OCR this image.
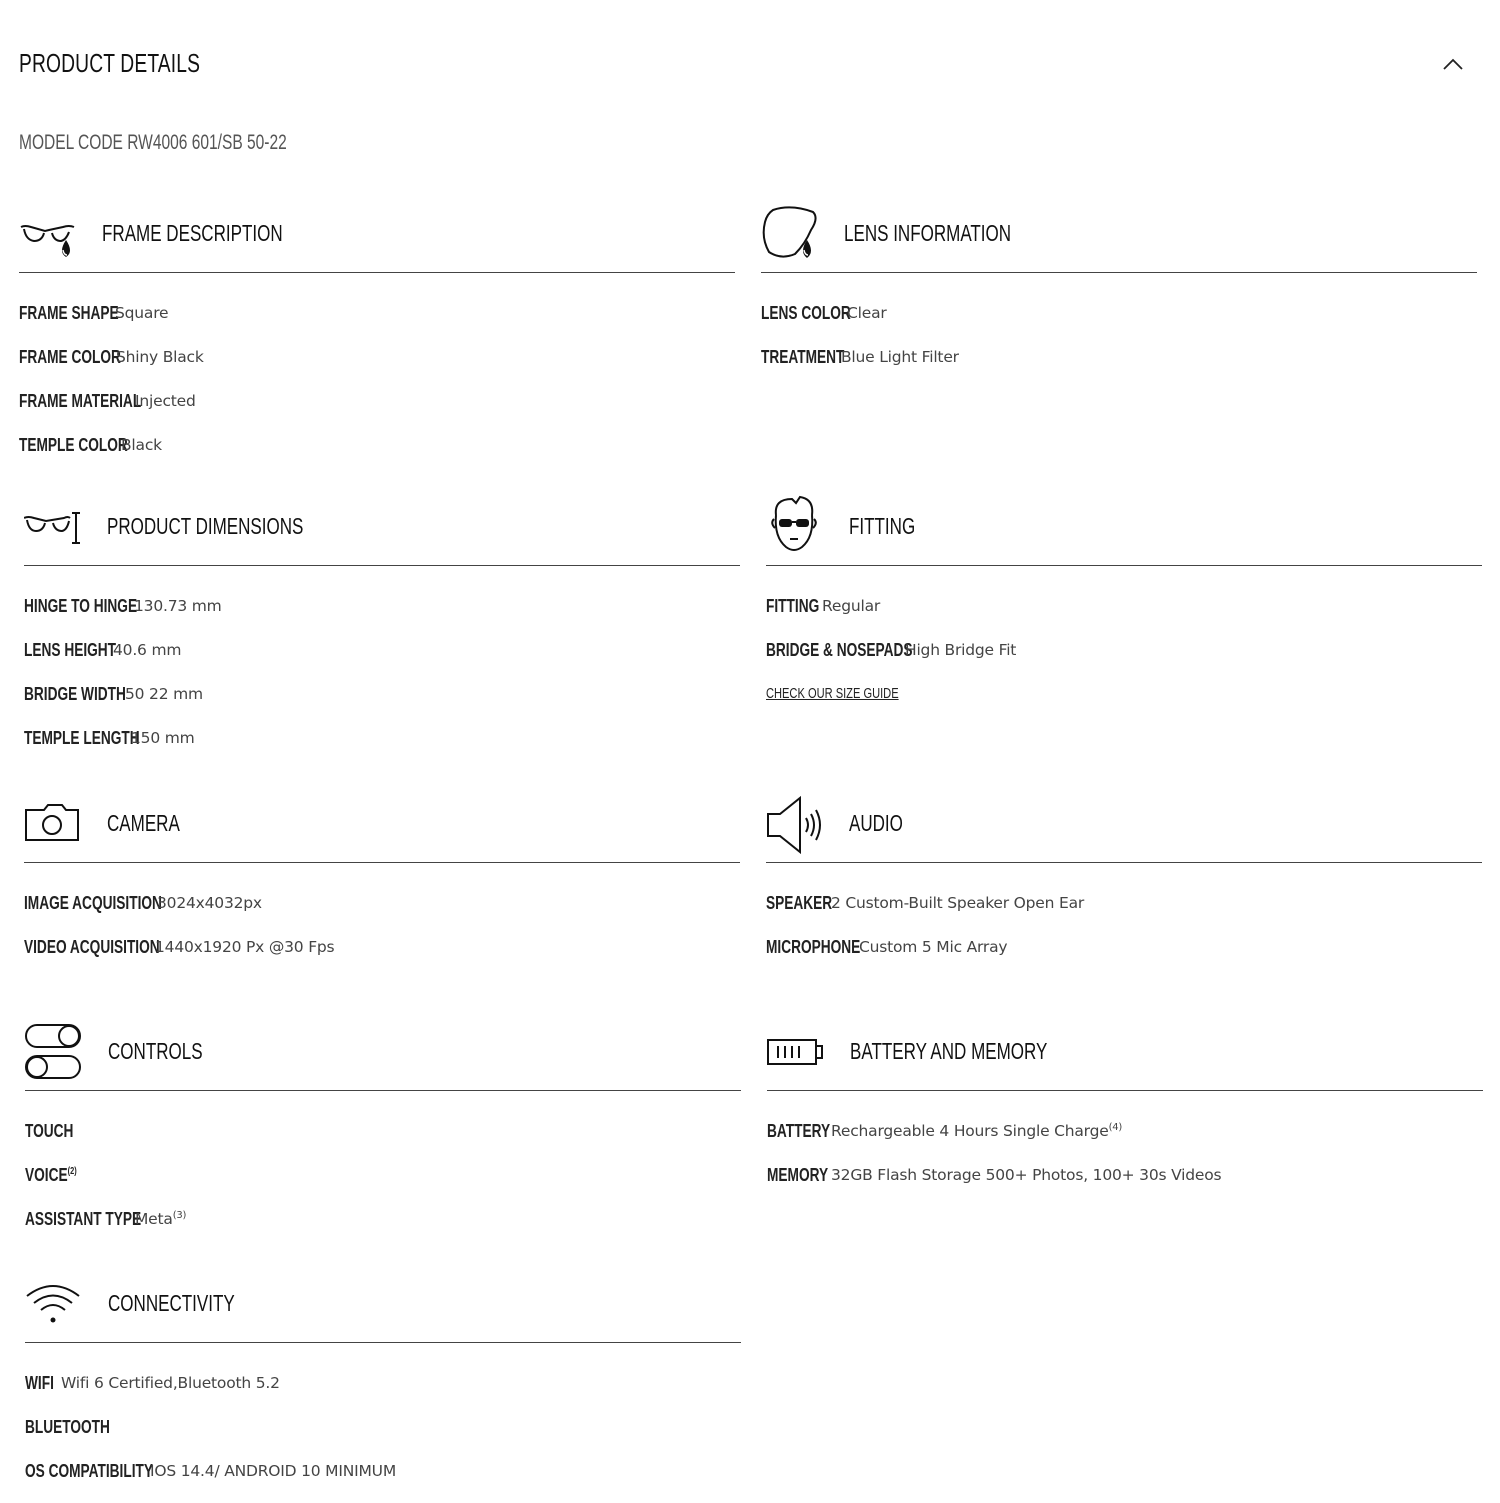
PRODUCT DETAILS
MODEL CODE RW4006 601/SB 50-22
FRAME DESCRIPTION
FRAME SHAPE
Square
FRAME COLOR
Shiny Black
FRAME MATERIAL
Injected
TEMPLE COLOR
Black
LENS INFORMATION
LENS COLOR
Clear
TREATMENT
Blue Light Filter
PRODUCT DIMENSIONS
HINGE TO HINGE
130.73 mm
LENS HEIGHT
40.6 mm
BRIDGE WIDTH 50 22 mm
TEMPLE LENGTH
150 mm
FITTING
FITTING Regular
BRIDGE & NOSEPADS
High Bridge Fit
CHECK OUR SIZE GUIDE
CAMERA
IMAGE ACQUISITION
3024x4032px
VIDEO ACQUISITION
1440x1920 Px @30 Fps
AUDIO
SPEAKER
2 Custom-Built Speaker Open Ear
MICROPHONE
Custom 5 Mic Array
CONTROLS
TOUCH
VOICE$^{(2)}$
ASSISTANT TYPE
Meta$^{(3)}$
BATTERY AND MEMORY
BATTERY Rechargeable 4 Hours Single Charge$^{(4)}$
MEMORY 32GB Flash Storage 500+ Photos, 100+ 30s Videos
CONNECTIVITY
WIFI Wifi 6 Certified,Bluetooth 5.2
BLUETOOTH
OS COMPATIBILITY
IOS 14.4/ ANDROID 10 MINIMUM
